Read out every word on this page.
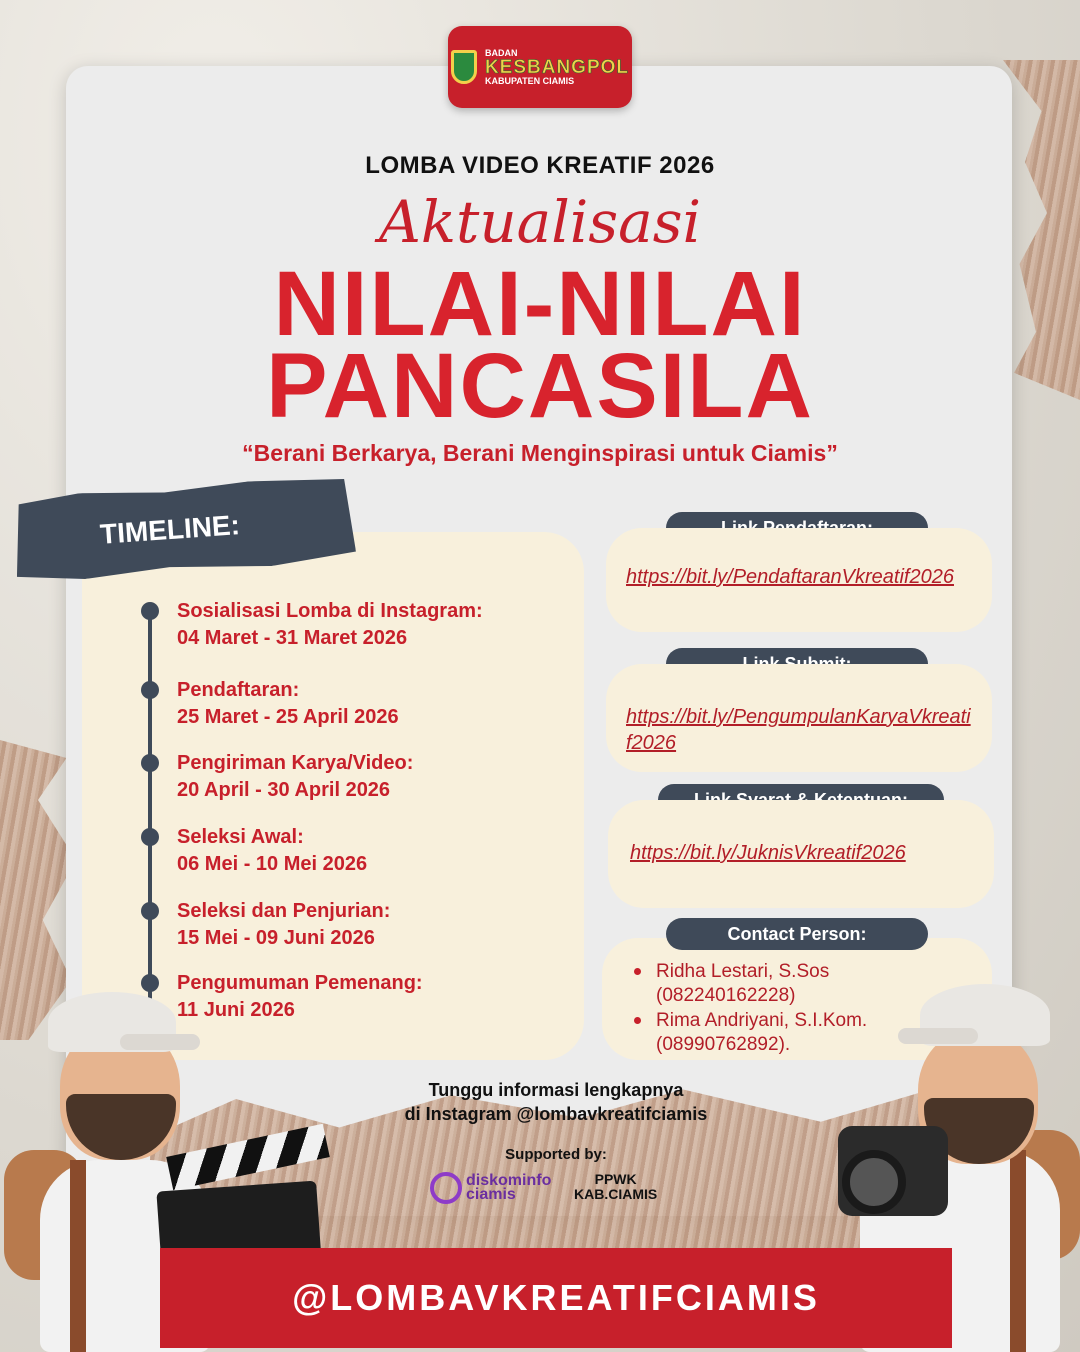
BADAN
KESBANGPOL
KABUPATEN CIAMIS
LOMBA VIDEO KREATIF 2026
Aktualisasi
NILAI-NILAI
PANCASILA
“Berani Berkarya, Berani Menginspirasi untuk Ciamis”
TIMELINE:
Sosialisasi Lomba di Instagram:
04 Maret - 31 Maret 2026
Pendaftaran:
25 Maret - 25 April 2026
Pengiriman Karya/Video:
20 April - 30 April 2026
Seleksi Awal:
06 Mei - 10 Mei 2026
Seleksi dan Penjurian:
15 Mei - 09 Juni 2026
Pengumuman Pemenang:
11 Juni 2026
https://bit.ly/PendaftaranVkreatif2026
https://bit.ly/PengumpulanKaryaVkreatif2026
https://bit.ly/JuknisVkreatif2026
Contact Person:
Ridha Lestari, S.Sos (082240162228)
Rima Andriyani, S.I.Kom. (08990762892).
Tunggu informasi lengkapnya
di Instagram @lombavkreatifciamis
Supported by:
diskominfo
ciamis
PPWK
KAB.CIAMIS
@LOMBAVKREATIFCIAMIS
